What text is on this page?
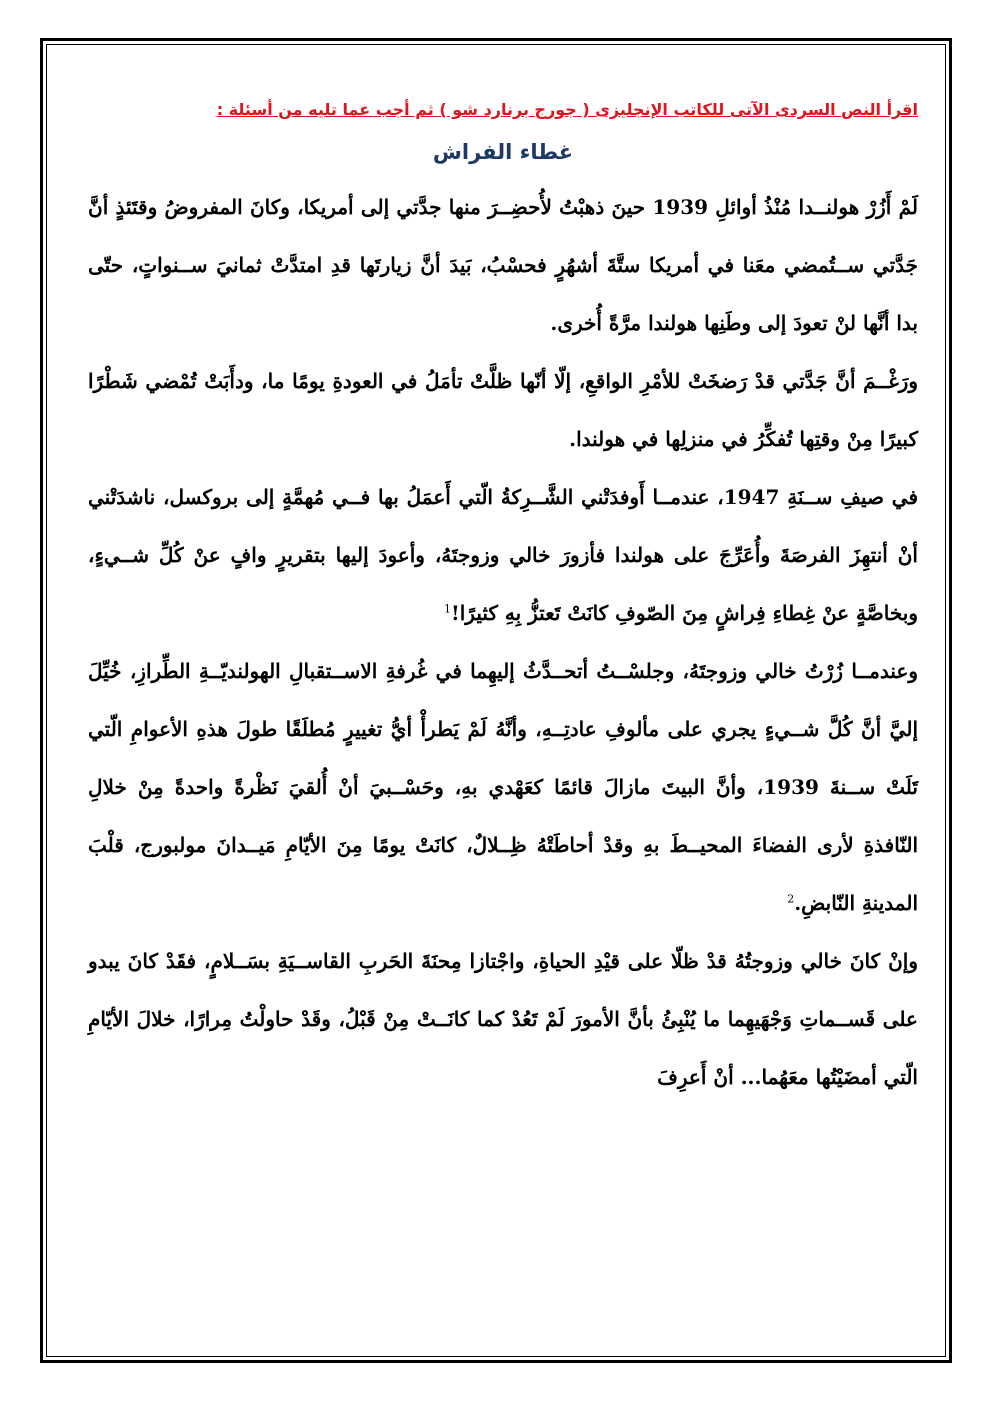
اقرأ النص السردى الآتى للكاتب الإنجليزى ( جورج برنارد شو ) ثم أجب عما تليه من أسئلة :

غطاء الفراش

لَمْ أَزُرْ هولنــدا مُنْذُ أوائلِ 1939 حينَ ذهبْتُ لأُحضِــرَ منها جدَّتي إلى أمريكا، وكانَ المفروضُ وقتَئذٍ أنَّ جَدَّتي ســتُمضي معَنا في أمريكا ستَّةَ أشهُرٍ فحسْبُ، بَيدَ أنَّ زيارتَها قدِ امتدَّتْ ثمانيَ ســنواتٍ، حتّى بدا أنَّها لنْ تعودَ إلى وطَنِها هولندا مرَّةً أُخرى.

ورَغْــمَ أنَّ جَدَّتي قدْ رَضخَتْ للأمْرِ الواقعِ، إلّا أنّها ظلَّتْ تأمَلُ في العودةِ يومًا ما، ودأَبَتْ تُمْضي شَطْرًا كبيرًا مِنْ وقتِها تُفكِّرُ في منزلِها في هولندا.

في صيفِ ســنَةِ 1947، عندمــا أَوفدَتْني الشَّــرِكةُ الّتي أَعمَلُ بها فــي مُهمَّةٍ إلى بروكسل، ناشدَتْني أنْ أنتهِزَ الفرصَةَ وأُعَرِّجَ على هولندا فأزورَ خالي وزوجتَهُ، وأعودَ إليها بتقريرٍ وافٍ عنْ كُلِّ شــيءٍ، وبخاصَّةٍ عنْ غِطاءِ فِراشٍ مِنَ الصّوفِ كانَتْ تَعتزُّ بِهِ كثيرًا!$^1$

وعندمــا زُرْتُ خالي وزوجتَهُ، وجلسْــتُ أتحــدَّثُ إليهِما في غُرفةِ الاســتقبالِ الهولنديّــةِ الطِّرازِ، خُيِّلَ إليَّ أنَّ كُلَّ شــيءٍ يجري على مألوفِ عادتِــهِ، وأنَّهُ لَمْ يَطرأْ أيُّ تغييرٍ مُطلَقًا طولَ هذهِ الأعوامِ الّتي تَلَتْ ســنةَ 1939، وأنَّ البيتَ مازالَ قائمًا كعَهْدي بهِ، وحَسْــبيَ أنْ أُلقيَ نَظْرةً واحدةً مِنْ خلالِ النّافذةِ لأرى الفضاءَ المحيــطَ بهِ وقدْ أحاطَتْهُ ظِــلالٌ، كانَتْ يومًا مِنَ الأيّامِ مَيــدانَ مولبورج، قلْبَ المدينةِ النّابضِ.$^2$

وإنْ كانَ خالي وزوجتُهُ قدْ ظلّا على قيْدِ الحياةِ، واجْتازا مِحنَةَ الحَربِ القاســيَةِ بسَــلامٍ، فقَدْ كانَ يبدو على قَســماتِ وَجْهَيهِما ما يُنْبِئُ بأنَّ الأمورَ لَمْ تَعُدْ كما كانَــتْ مِنْ قَبْلُ، وقَدْ حاولْتُ مِرارًا، خلالَ الأيّامِ الّتي أمضَيْتُها معَهُما... أنْ أَعرِفَ
